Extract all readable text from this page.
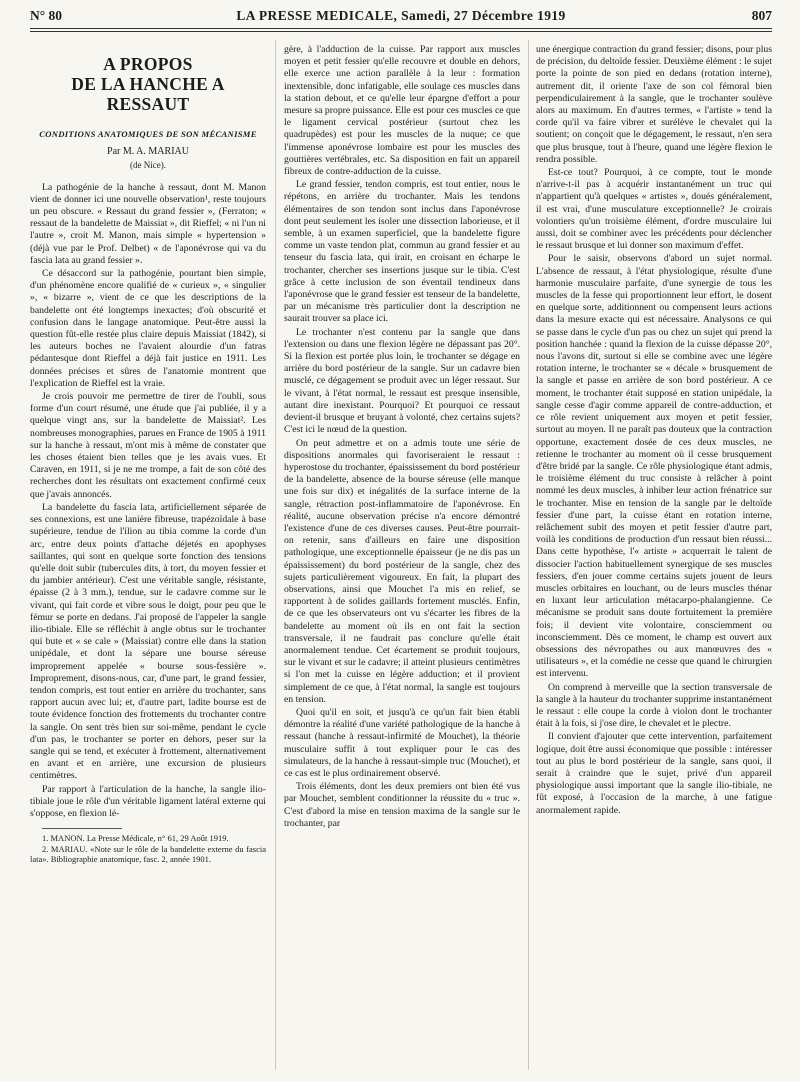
N° 80	LA PRESSE MEDICALE, Samedi, 27 Décembre 1919	807
A PROPOS
DE LA HANCHE A RESSAUT
CONDITIONS ANATOMIQUES DE SON MÉCANISME
Par M. A. MARIAU
(de Nice).

La pathogénie de la hanche à ressaut, dont M. Manon vient de donner ici une nouvelle observation¹, reste toujours un peu obscure. « Ressaut du grand fessier », (Ferraton; « ressaut de la bandelette de Maissiat », dit Rieffel; « ni l'un ni l'autre », croit M. Manon, mais simple « hypertension » (déjà vue par le Prof. Delbet) « de l'aponévrose qui va du fascia lata au grand fessier ».

Ce désaccord sur la pathogénie, pourtant bien simple, d'un phénomène encore qualifié de « curieux », « singulier », « bizarre », vient de ce que les descriptions de la bandelette ont été longtemps inexactes; d'où obscurité et confusion dans le langage anatomique. Peut-être aussi la question fût-elle restée plus claire depuis Maissiat (1842), si les auteurs boches ne l'avaient alourdie d'un fatras pédantesque dont Rieffel a déjà fait justice en 1911. Les données précises et sûres de l'anatomie montrent que l'explication de Rieffel est la vraie.

Je crois pouvoir me permettre de tirer de l'oubli, sous forme d'un court résumé, une étude que j'ai publiée, il y a quelque vingt ans, sur la bandelette de Maissiat². Les nombreuses monographies, parues en France de 1905 à 1911 sur la hanche à ressaut, m'ont mis à même de constater que les choses étaient bien telles que je les avais vues. Et Caraven, en 1911, si je ne me trompe, a fait de son côté des recherches dont les résultats ont exactement confirmé ceux que j'avais annoncés.

La bandelette du fascia lata, artificiellement séparée de ses connexions, est une lanière fibreuse, trapézoïdale à base supérieure, tendue de l'ilion au tibia comme la corde d'un arc, entre deux points d'attache déjetés en apophyses saillantes, qui sont en quelque sorte fonction des tensions qu'elle doit subir (tubercules dits, à tort, du moyen fessier et du jambier antérieur). C'est une véritable sangle, résistante, épaisse (2 à 3 mm.), tendue, sur le cadavre comme sur le vivant, qui fait corde et vibre sous le doigt, pour peu que le fémur se porte en dedans. J'ai proposé de l'appeler la sangle ilio-tibiale. Elle se réfléchit à angle obtus sur le trochanter qui bute et « se cale » (Maissiat) contre elle dans la station unipédale, et dont la sépare une bourse séreuse improprement appelée « bourse sous-fessière ». Improprement, disons-nous, car, d'une part, le grand fessier, tendon compris, est tout entier en arrière du trochanter, sans rapport aucun avec lui; et, d'autre part, ladite bourse est de toute évidence fonction des frottements du trochanter contre la sangle. On sent très bien sur soi-même, pendant le cycle d'un pas, le trochanter se porter en dehors, peser sur la sangle qui se tend, et exécuter à frottement, alternativement en avant et en arrière, une excursion de plusieurs centimètres.

Par rapport à l'articulation de la hanche, la sangle ilio-tibiale joue le rôle d'un véritable ligament latéral externe qui s'oppose, en flexion lé-

1. MANON. La Presse Médicale, n° 61, 29 Août 1919.
2. MARIAU. «Note sur le rôle de la bandelette externe du fascia lata». Bibliographie anatomique, fasc. 2, année 1901.

gère, à l'adduction de la cuisse. Par rapport aux muscles moyen et petit fessier qu'elle recouvre et double en dehors, elle exerce une action parallèle à la leur : formation inextensible, donc infatigable, elle soulage ces muscles dans la station debout, et ce qu'elle leur épargne d'effort a pour mesure sa propre puissance. Elle est pour ces muscles ce que le ligament cervical postérieur (surtout chez les quadrupèdes) est pour les muscles de la nuque; ce que l'immense aponévrose lombaire est pour les muscles des gouttières vertébrales, etc. Sa disposition en fait un appareil fibreux de contre-adduction de la cuisse.

Le grand fessier, tendon compris, est tout entier, nous le répétons, en arrière du trochanter. Mais les tendons élémentaires de son tendon sont inclus dans l'aponévrose dont peut seulement les isoler une dissection laborieuse, et il semble, à un examen superficiel, que la bandelette figure comme un vaste tendon plat, commun au grand fessier et au tenseur du fascia lata, qui irait, en croisant en écharpe le trochanter, chercher ses insertions jusque sur le tibia. C'est grâce à cette inclusion de son éventail tendineux dans l'aponévrose que le grand fessier est tenseur de la bandelette, par un mécanisme très particulier dont la description ne saurait trouver sa place ici.

Le trochanter n'est contenu par la sangle que dans l'extension ou dans une flexion légère ne dépassant pas 20°. Si la flexion est portée plus loin, le trochanter se dégage en arrière du bord postérieur de la sangle. Sur un cadavre bien musclé, ce dégagement se produit avec un léger ressaut. Sur le vivant, à l'état normal, le ressaut est presque insensible, autant dire inexistant. Pourquoi? Et pourquoi ce ressaut devient-il brusque et bruyant à volonté, chez certains sujets? C'est ici le nœud de la question.

On peut admettre et on a admis toute une série de dispositions anormales qui favoriseraient le ressaut : hyperostose du trochanter, épaississement du bord postérieur de la bandelette, absence de la bourse séreuse (elle manque une fois sur dix) et inégalités de la surface interne de la sangle, rétraction post-inflammatoire de l'aponévrose. En réalité, aucune observation précise n'a encore démontré l'existence d'une de ces diverses causes. Peut-être pourrait-on retenir, sans d'ailleurs en faire une disposition pathologique, une exceptionnelle épaisseur (je ne dis pas un épaississement) du bord postérieur de la sangle, chez des sujets particulièrement vigoureux. En fait, la plupart des observations, ainsi que Mouchet l'a mis en relief, se rapportent à de solides gaillards fortement musclés. Enfin, de ce que les observateurs ont vu s'écarter les fibres de la bandelette au moment où ils en ont fait la section transversale, il ne faudrait pas conclure qu'elle était anormalement tendue. Cet écartement se produit toujours, sur le vivant et sur le cadavre; il atteint plusieurs centimètres si l'on met la cuisse en légère adduction; et il provient simplement de ce que, à l'état normal, la sangle est toujours en tension.

Quoi qu'il en soit, et jusqu'à ce qu'un fait bien établi démontre la réalité d'une variété pathologique de la hanche à ressaut (hanche à ressaut-infirmité de Mouchet), la théorie musculaire suffit à tout expliquer pour le cas des simulateurs, de la hanche à ressaut-simple truc (Mouchet), et ce cas est le plus ordinairement observé.

Trois éléments, dont les deux premiers ont bien été vus par Mouchet, semblent conditionner la réussite du « truc ». C'est d'abord la mise en tension maxima de la sangle sur le trochanter, par

une énergique contraction du grand fessier; disons, pour plus de précision, du deltoïde fessier. Deuxième élément : le sujet porte la pointe de son pied en dedans (rotation interne), autrement dit, il oriente l'axe de son col fémoral bien perpendiculairement à la sangle, que le trochanter soulève alors au maximum. En d'autres termes, « l'artiste » tend la corde qu'il va faire vibrer et surélève le chevalet qui la soutient; on conçoit que le dégagement, le ressaut, n'en sera que plus brusque, tout à l'heure, quand une légère flexion le rendra possible.

Est-ce tout? Pourquoi, à ce compte, tout le monde n'arrive-t-il pas à acquérir instantanément un truc qui n'appartient qu'à quelques « artistes », doués généralement, il est vrai, d'une musculature exceptionnelle? Je croirais volontiers qu'un troisième élément, d'ordre musculaire lui aussi, doit se combiner avec les précédents pour déclencher le ressaut brusque et lui donner son maximum d'effet.

Pour le saisir, observons d'abord un sujet normal. L'absence de ressaut, à l'état physiologique, résulte d'une harmonie musculaire parfaite, d'une synergie de tous les muscles de la fesse qui proportionnent leur effort, le dosent en quelque sorte, additionnent ou compensent leurs actions dans la mesure exacte qui est nécessaire. Analysons ce qui se passe dans le cycle d'un pas ou chez un sujet qui prend la position hanchée : quand la flexion de la cuisse dépasse 20°, nous l'avons dit, surtout si elle se combine avec une légère rotation interne, le trochanter se « décale » brusquement de la sangle et passe en arrière de son bord postérieur. A ce moment, le trochanter était supposé en station unipédale, la sangle cesse d'agir comme appareil de contre-adduction, et ce rôle revient uniquement aux moyen et petit fessier, surtout au moyen. Il ne paraît pas douteux que la contraction opportune, exactement dosée de ces deux muscles, ne retienne le trochanter au moment où il cesse brusquement d'être bridé par la sangle. Ce rôle physiologique étant admis, le troisième élément du truc consiste à relâcher à point nommé les deux muscles, à inhiber leur action frénatrice sur le trochanter. Mise en tension de la sangle par le deltoïde fessier d'une part, la cuisse étant en rotation interne, relâchement subit des moyen et petit fessier d'autre part, voilà les conditions de production d'un ressaut bien réussi... Dans cette hypothèse, l'« artiste » acquerrait le talent de dissocier l'action habituellement synergique de ses muscles fessiers, d'en jouer comme certains sujets jouent de leurs muscles orbitaires en louchant, ou de leurs muscles thénar en luxant leur articulation métacarpo-phalangienne. Ce mécanisme se produit sans doute fortuitement la première fois; il devient vite volontaire, consciemment ou inconsciemment. Dès ce moment, le champ est ouvert aux obsessions des névropathes ou aux manœuvres des « utilisateurs », et la comédie ne cesse que quand le chirurgien est intervenu.

On comprend à merveille que la section transversale de la sangle à la hauteur du trochanter supprime instantanément le ressaut : elle coupe la corde à violon dont le trochanter était à la fois, si j'ose dire, le chevalet et le plectre.

Il convient d'ajouter que cette intervention, parfaitement logique, doit être aussi économique que possible : intéresser tout au plus le bord postérieur de la sangle, sans quoi, il serait à craindre que le sujet, privé d'un appareil physiologique aussi important que la sangle ilio-tibiale, ne fût exposé, à l'occasion de la marche, à une fatigue anormalement rapide.
